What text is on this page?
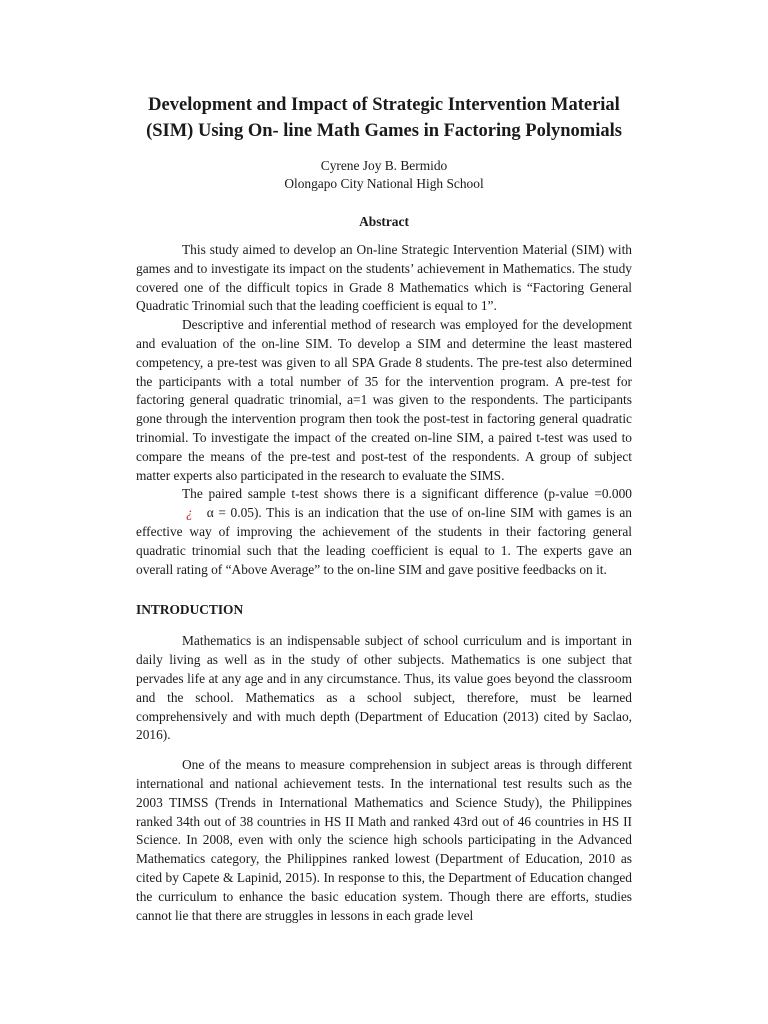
Development and Impact of Strategic Intervention Material (SIM) Using On- line Math Games in Factoring Polynomials

Cyrene Joy B. Bermido

Olongapo City National High School

Abstract

This study aimed to develop an On-line Strategic Intervention Material (SIM) with games and to investigate its impact on the students’ achievement in Mathematics. The study covered one of the difficult topics in Grade 8 Mathematics which is “Factoring General Quadratic Trinomial such that the leading coefficient is equal to 1”.

Descriptive and inferential method of research was employed for the development and evaluation of the on-line SIM. To develop a SIM and determine the least mastered competency, a pre-test was given to all SPA Grade 8 students. The pre-test also determined the participants with a total number of 35 for the intervention program. A pre-test for factoring general quadratic trinomial, a=1 was given to the respondents. The participants gone through the intervention program then took the post-test in factoring general quadratic trinomial. To investigate the impact of the created on-line SIM, a paired t-test was used to compare the means of the pre-test and post-test of the respondents. A group of subject matter experts also participated in the research to evaluate the SIMS.

The paired sample t-test shows there is a significant difference (p-value =0.000 ¿ α = 0.05). This is an indication that the use of on-line SIM with games is an effective way of improving the achievement of the students in their factoring general quadratic trinomial such that the leading coefficient is equal to 1. The experts gave an overall rating of “Above Average” to the on-line SIM and gave positive feedbacks on it.

INTRODUCTION

Mathematics is an indispensable subject of school curriculum and is important in daily living as well as in the study of other subjects. Mathematics is one subject that pervades life at any age and in any circumstance. Thus, its value goes beyond the classroom and the school. Mathematics as a school subject, therefore, must be learned comprehensively and with much depth (Department of Education (2013) cited by Saclao, 2016).

One of the means to measure comprehension in subject areas is through different international and national achievement tests. In the international test results such as the 2003 TIMSS (Trends in International Mathematics and Science Study), the Philippines ranked 34th out of 38 countries in HS II Math and ranked 43rd out of 46 countries in HS II Science. In 2008, even with only the science high schools participating in the Advanced Mathematics category, the Philippines ranked lowest (Department of Education, 2010 as cited by Capete & Lapinid, 2015). In response to this, the Department of Education changed the curriculum to enhance the basic education system. Though there are efforts, studies cannot lie that there are struggles in lessons in each grade level
